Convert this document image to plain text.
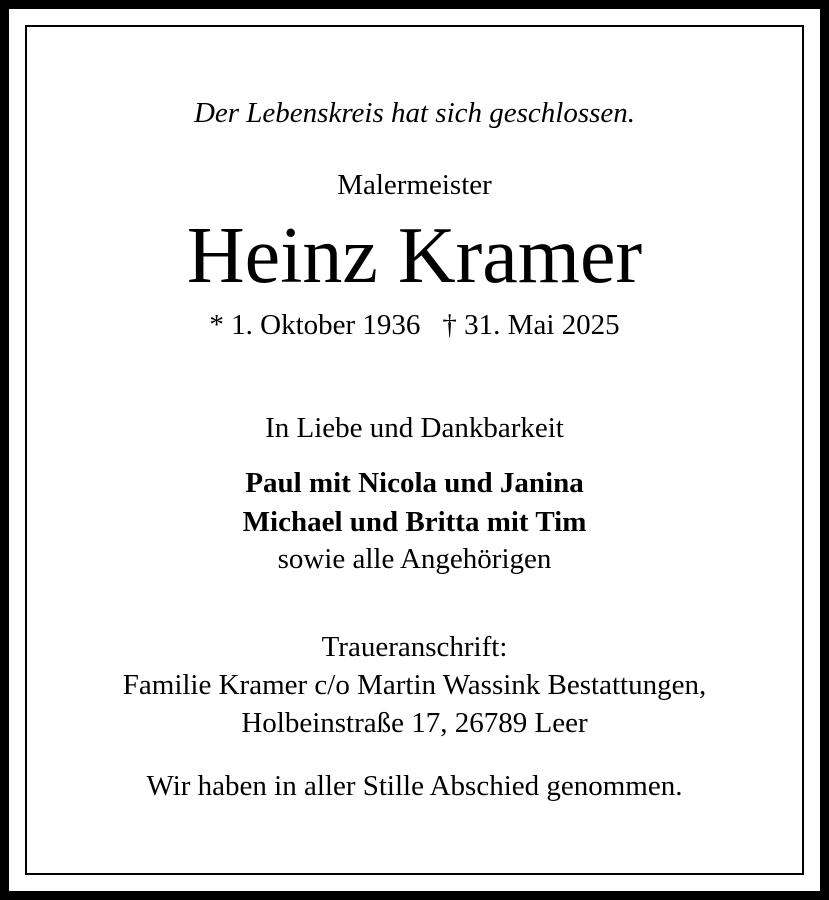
Der Lebenskreis hat sich geschlossen.
Malermeister
Heinz Kramer
* 1. Oktober 1936 † 31. Mai 2025
In Liebe und Dankbarkeit
Paul mit Nicola und Janina
Michael und Britta mit Tim
sowie alle Angehörigen
Traueranschrift:
Familie Kramer c/o Martin Wassink Bestattungen,
Holbeinstraße 17, 26789 Leer
Wir haben in aller Stille Abschied genommen.
